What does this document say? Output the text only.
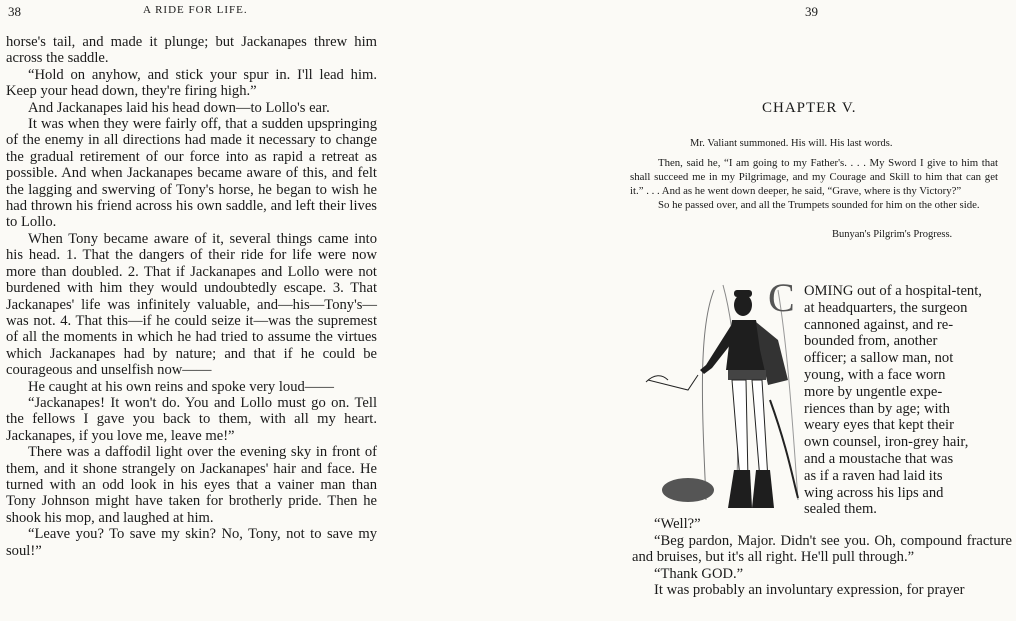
38	A RIDE FOR LIFE.

horse's tail, and made it plunge; but Jackanapes threw him across the saddle.

“Hold on anyhow, and stick your spur in. I'll lead him. Keep your head down, they're firing high.”

And Jackanapes laid his head down—to Lollo's ear.

It was when they were fairly off, that a sudden upspringing of the enemy in all directions had made it necessary to change the gradual retirement of our force into as rapid a retreat as possible. And when Jackanapes became aware of this, and felt the lagging and swerving of Tony's horse, he began to wish he had thrown his friend across his own saddle, and left their lives to Lollo.

When Tony became aware of it, several things came into his head. 1. That the dangers of their ride for life were now more than doubled. 2. That if Jackanapes and Lollo were not burdened with him they would undoubtedly escape. 3. That Jackanapes' life was infinitely valuable, and—his—Tony's—was not. 4. That this—if he could seize it—was the supremest of all the moments in which he had tried to assume the virtues which Jackanapes had by nature; and that if he could be courageous and unselfish now——

He caught at his own reins and spoke very loud——

“Jackanapes! It won't do. You and Lollo must go on. Tell the fellows I gave you back to them, with all my heart. Jackanapes, if you love me, leave me!”

There was a daffodil light over the evening sky in front of them, and it shone strangely on Jackanapes' hair and face. He turned with an odd look in his eyes that a vainer man than Tony Johnson might have taken for brotherly pride. Then he shook his mop, and laughed at him.

“Leave you? To save my skin? No, Tony, not to save my soul!”

39
CHAPTER V.
Mr. Valiant summoned. His will. His last words.

Then, said he, “I am going to my Father's. . . . My Sword I give to him that shall succeed me in my Pilgrimage, and my Courage and Skill to him that can get it.” . . . And as he went down deeper, he said, “Grave, where is thy Victory?”

So he passed over, and all the Trumpets sounded for him on the other side.

Bunyan's Pilgrim's Progress.
C OMING out of a hospital-tent,

at headquarters, the surgeon

cannoned against, and re-

bounded from, another

officer; a sallow man, not

young, with a face worn

more by ungentle expe-

riences than by age; with

weary eyes that kept their

own counsel, iron-grey hair,

and a moustache that was

as if a raven had laid its

wing across his lips and

sealed them.

“Well?”

“Beg pardon, Major. Didn't see you. Oh, compound fracture and bruises, but it's all right. He'll pull through.”

“Thank GOD.”

It was probably an involuntary expression, for prayer
